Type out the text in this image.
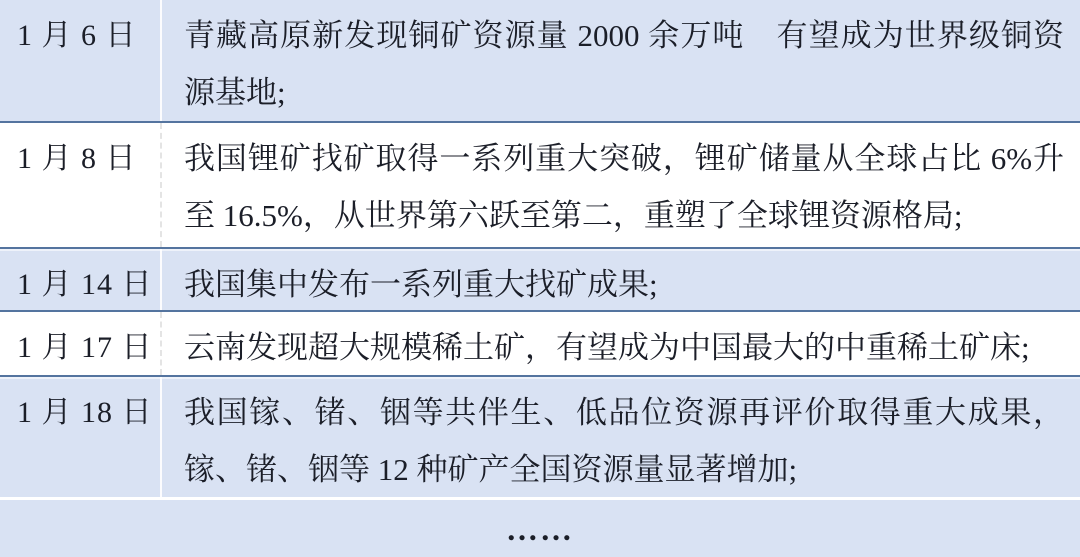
1 月 6 日	青藏高原新发现铜矿资源量 2000 余万吨　有望成为世界级铜资源基地;
1 月 8 日	我国锂矿找矿取得一系列重大突破，锂矿储量从全球占比 6%升至 16.5%，从世界第六跃至第二，重塑了全球锂资源格局;
1 月 14 日	我国集中发布一系列重大找矿成果;
1 月 17 日	云南发现超大规模稀土矿，有望成为中国最大的中重稀土矿床;
1 月 18 日	我国镓、锗、铟等共伴生、低品位资源再评价取得重大成果，镓、锗、铟等 12 种矿产全国资源量显著增加;
……
